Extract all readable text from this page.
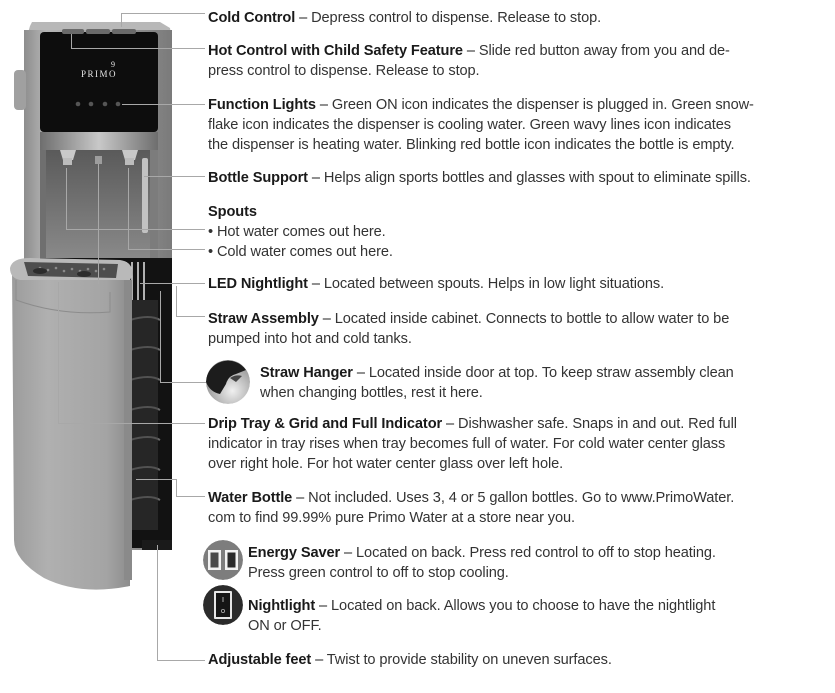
PRIMO
9
Cold Control – Depress control to dispense. Release to stop.
Hot Control with Child Safety Feature – Slide red button away from you and de-
press control to dispense. Release to stop.
Function Lights – Green ON icon indicates the dispenser is plugged in. Green snow-
flake icon indicates the dispenser is cooling water. Green wavy lines icon indicates
the dispenser is heating water. Blinking red bottle icon indicates the bottle is empty.
Bottle Support – Helps align sports bottles and glasses with spout to eliminate spills.
Spouts
• Hot water comes out here.
• Cold water comes out here.
LED Nightlight – Located between spouts. Helps in low light situations.
Straw Assembly – Located inside cabinet. Connects to bottle to allow water to be
pumped into hot and cold tanks.
Straw Hanger – Located inside door at top. To keep straw assembly clean
when changing bottles, rest it here.
Drip Tray & Grid and Full Indicator – Dishwasher safe. Snaps in and out. Red full
indicator in tray rises when tray becomes full of water. For cold water center glass
over right hole. For hot water center glass over left hole.
Water Bottle – Not included. Uses 3, 4 or 5 gallon bottles. Go to www.PrimoWater.
com to find 99.99% pure Primo Water at a store near you.
Energy Saver – Located on back. Press red control to off to stop heating.
Press green control to off to stop cooling.
Nightlight – Located on back. Allows you to choose to have the nightlight
ON or OFF.
Adjustable feet – Twist to provide stability on uneven surfaces.
